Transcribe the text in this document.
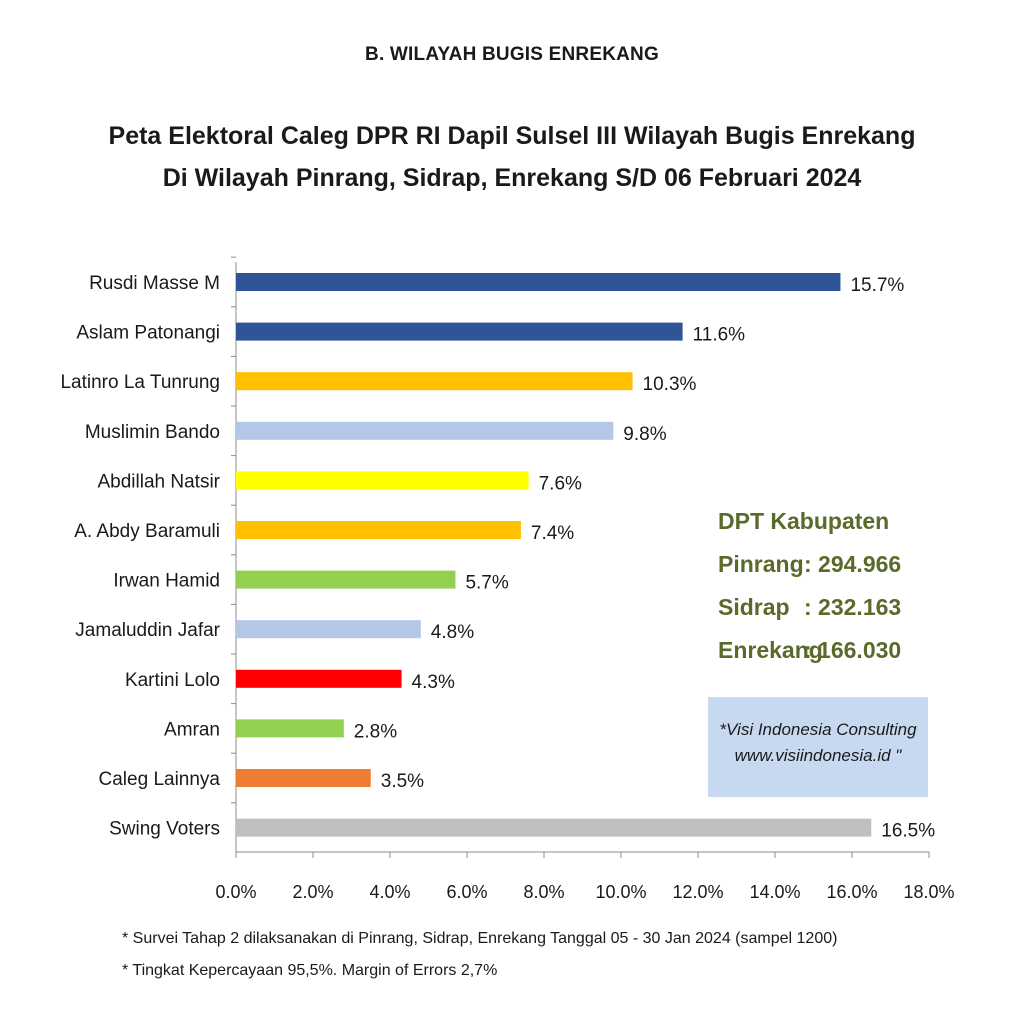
B. WILAYAH BUGIS ENREKANG
Peta Elektoral Caleg DPR RI Dapil Sulsel III Wilayah Bugis Enrekang
Di Wilayah Pinrang, Sidrap, Enrekang S/D 06 Februari 2024
0.0% 2.0% 4.0% 6.0% 8.0% 10.0% 12.0% 14.0% 16.0% 18.0%
Rusdi Masse M	15.7%
Aslam Patonangi	11.6%
Latinro La Tunrung	10.3%
Muslimin Bando	9.8%
Abdillah Natsir	7.6%
A. Abdy Baramuli	7.4%
Irwan Hamid	5.7%
Jamaluddin Jafar	4.8%
Kartini Lolo	4.3%
Amran	2.8%
Caleg Lainnya	3.5%
Swing Voters	16.5%
DPT Kabupaten
Pinrang: 294.966
Sidrap : 232.163
Enrekang: 166.030
*Visi Indonesia Consulting
www.visiindonesia.id "
* Survei Tahap 2 dilaksanakan di Pinrang, Sidrap, Enrekang Tanggal 05 - 30 Jan 2024 (sampel 1200)
* Tingkat Kepercayaan 95,5%. Margin of Errors 2,7%
